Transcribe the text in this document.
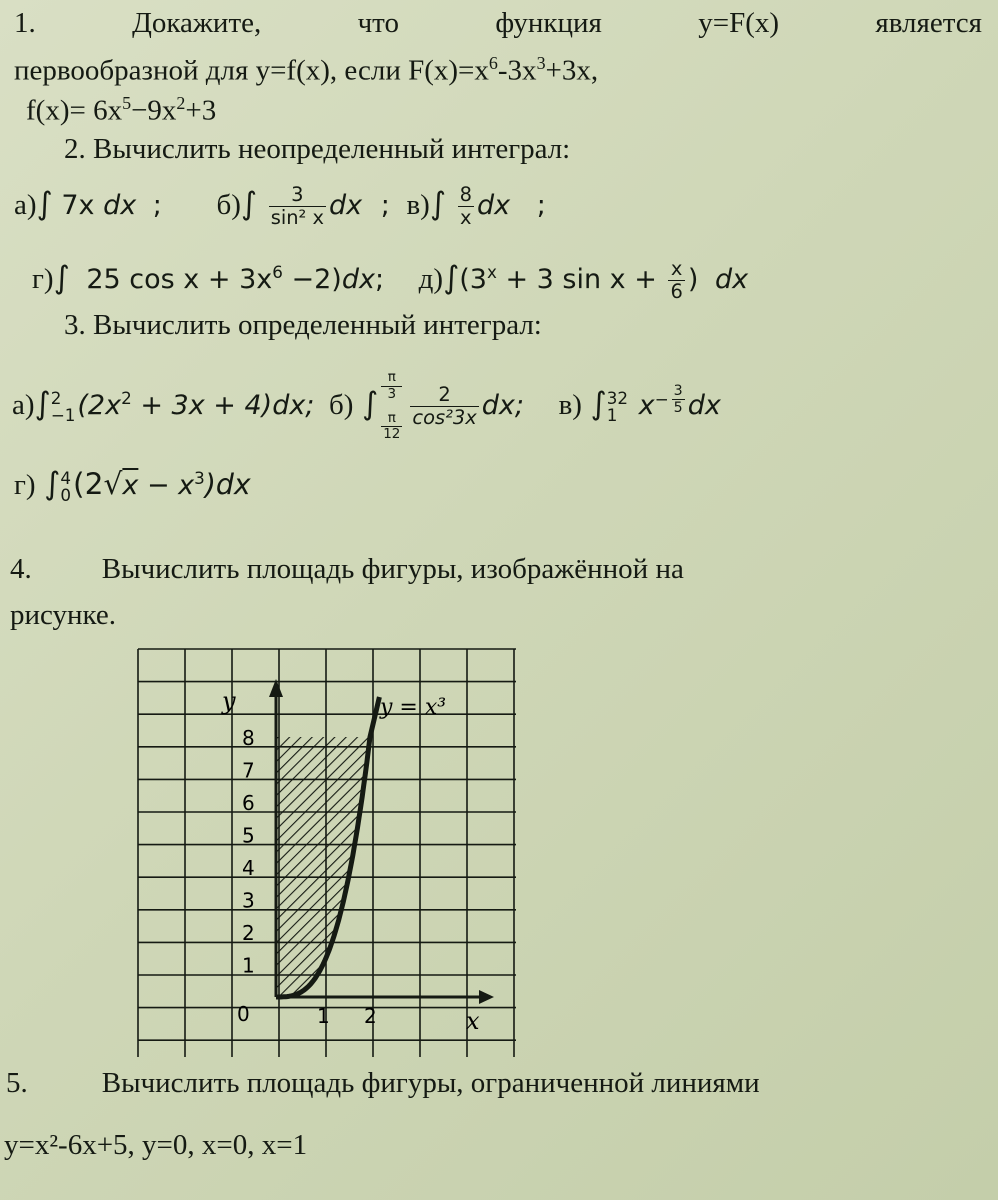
1.	Докажите,	что	функция	y=F(x)	является
первообразной для y=f(x), если $F(x)=x^6-3x^3+3x$,
$f(x)= 6x^5-9x^2+3$
2. Вычислить неопределенный интеграл:
а)∫ 7x dx ; $б)\int \frac{3}{\text{sin² x}}$ dx ; $в)\int \frac{8}{x}$ dx ;
г)∫ 25 $\cos x + 3x^6 -2)dx$; $д)\int(3^x + 3$ $\sin x + \frac{x}{6}$ ) dx
3. Вычислить определенный интеграл:
а)∫ 2
−1 $(2x^2 + 3x + 4)dx$; б) ∫
π
3
π
12
$\frac{2}{\text{cos²3x}}$ dx; в) ∫ 32
1 $x^{- \frac{3}{5}}$ dx
г) ∫ 4
0 $(2√x - x^3)dx$
4. Вычислить площадь фигуры, изображённой на
рисунке.
1
2
3
4
5
6
7
8
1 2
y
x
0
y = x³
5.	Вычислить площадь фигуры, ограниченной линиями
y=x²-6x+5, y=0, x=0, x=1
